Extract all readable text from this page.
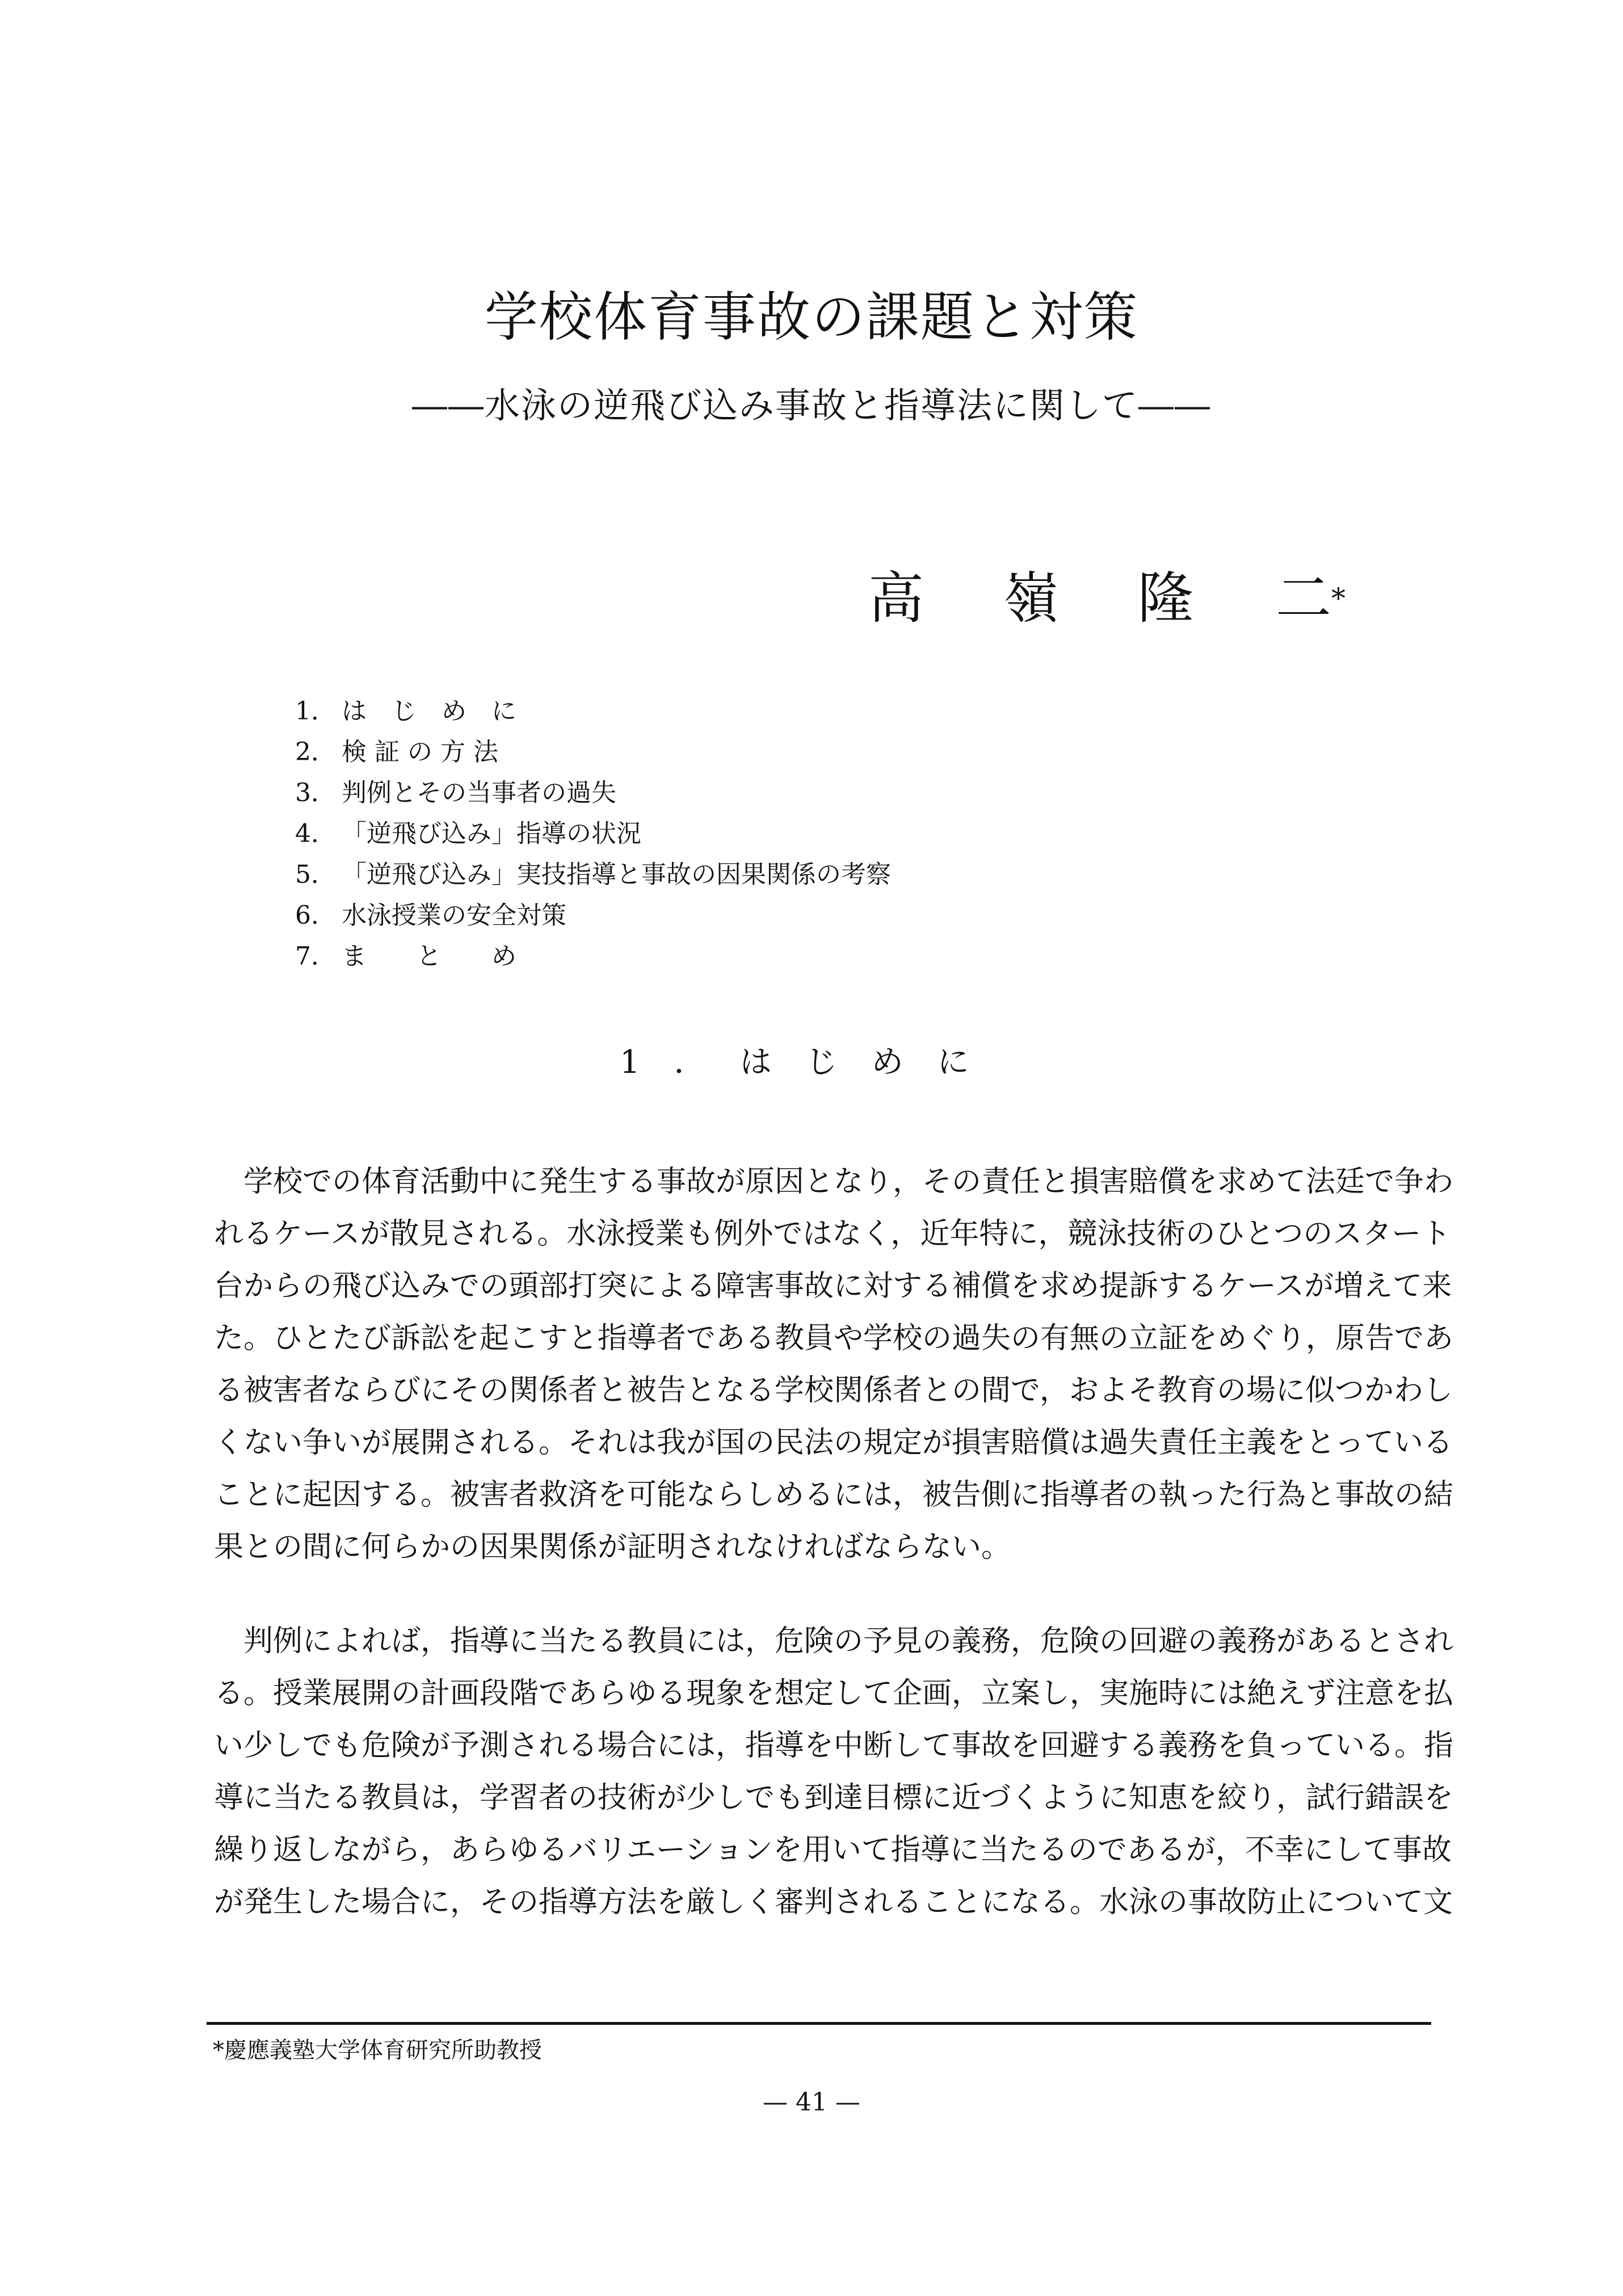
学校体育事故の課題と対策
――水泳の逆飛び込み事故と指導法に関して――
高 嶺 隆 二*
1． は　じ　め　に
2． 検 証 の 方 法
3． 判例とその当事者の過失
4． 「逆飛び込み」指導の状況
5． 「逆飛び込み」実技指導と事故の因果関係の考察
6． 水泳授業の安全対策
7． ま　　と　　め
1．はじめに
学校での体育活動中に発生する事故が原因となり，その責任と損害賠償を求めて法廷で争わ
れるケースが散見される。水泳授業も例外ではなく，近年特に，競泳技術のひとつのスタート
台からの飛び込みでの頭部打突による障害事故に対する補償を求め提訴するケースが増えて来
た。ひとたび訴訟を起こすと指導者である教員や学校の過失の有無の立証をめぐり，原告であ
る被害者ならびにその関係者と被告となる学校関係者との間で，およそ教育の場に似つかわし
くない争いが展開される。それは我が国の民法の規定が損害賠償は過失責任主義をとっている
ことに起因する。被害者救済を可能ならしめるには，被告側に指導者の執った行為と事故の結
果との間に何らかの因果関係が証明されなければならない。
判例によれば，指導に当たる教員には，危険の予見の義務，危険の回避の義務があるとされ
る。授業展開の計画段階であらゆる現象を想定して企画，立案し，実施時には絶えず注意を払
い少しでも危険が予測される場合には，指導を中断して事故を回避する義務を負っている。指
導に当たる教員は，学習者の技術が少しでも到達目標に近づくように知恵を絞り，試行錯誤を
繰り返しながら，あらゆるバリエーションを用いて指導に当たるのであるが，不幸にして事故
が発生した場合に，その指導方法を厳しく審判されることになる。水泳の事故防止について文
*慶應義塾大学体育研究所助教授
— 41 —
